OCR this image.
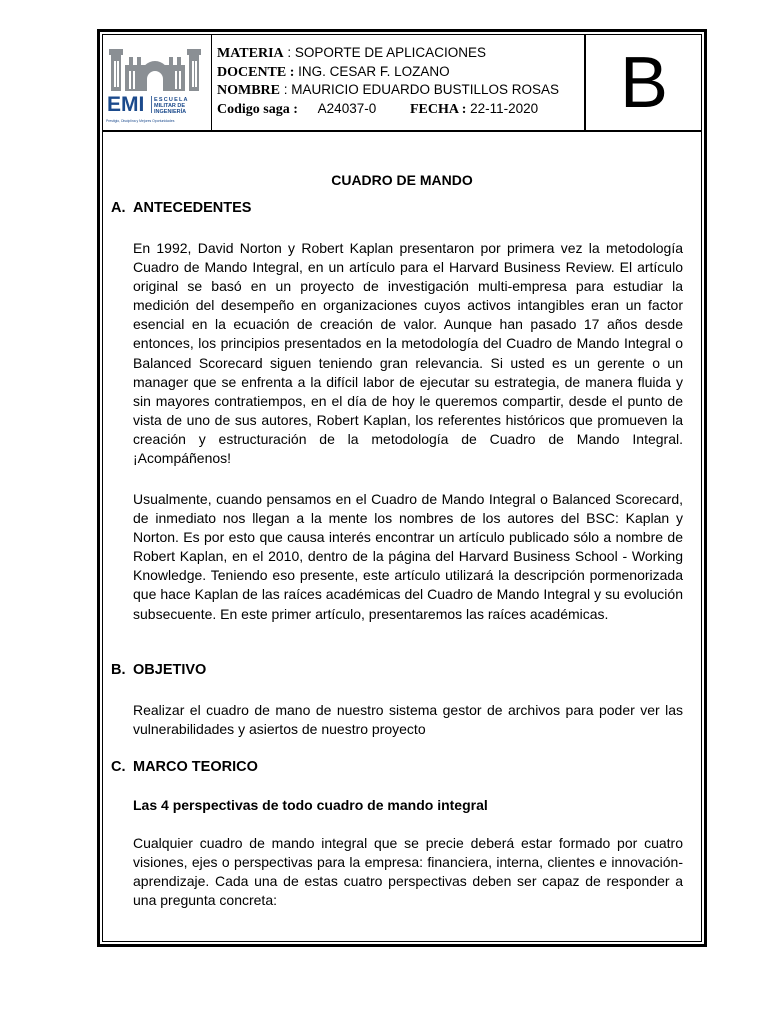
EMI ESCUELA
MILITAR DE
INGENIERÍA
Prestigio, Disciplina y Mejores Oportunidades
MATERIA : SOPORTE DE APLICACIONES
DOCENTE : ING. CESAR F. LOZANO
NOMBRE : MAURICIO EDUARDO BUSTILLOS ROSAS
Codigo saga : A24037-0 FECHA : 22-11-2020	B
CUADRO DE MANDO
A. ANTECEDENTES
En 1992, David Norton y Robert Kaplan presentaron por primera vez la metodología Cuadro de Mando Integral, en un artículo para el Harvard Business Review. El artículo original se basó en un proyecto de investigación multi-empresa para estudiar la medición del desempeño en organizaciones cuyos activos intangibles eran un factor esencial en la ecuación de creación de valor. Aunque han pasado 17 años desde entonces, los principios presentados en la metodología del Cuadro de Mando Integral o Balanced Scorecard siguen teniendo gran relevancia. Si usted es un gerente o un manager que se enfrenta a la difícil labor de ejecutar su estrategia, de manera fluida y sin mayores contratiempos, en el día de hoy le queremos compartir, desde el punto de vista de uno de sus autores, Robert Kaplan, los referentes históricos que promueven la creación y estructuración de la metodología de Cuadro de Mando Integral. ¡Acompáñenos!
Usualmente, cuando pensamos en el Cuadro de Mando Integral o Balanced Scorecard, de inmediato nos llegan a la mente los nombres de los autores del BSC: Kaplan y Norton. Es por esto que causa interés encontrar un artículo publicado sólo a nombre de Robert Kaplan, en el 2010, dentro de la página del Harvard Business School - Working Knowledge. Teniendo eso presente, este artículo utilizará la descripción pormenorizada que hace Kaplan de las raíces académicas del Cuadro de Mando Integral y su evolución subsecuente. En este primer artículo, presentaremos las raíces académicas.
B. OBJETIVO
Realizar el cuadro de mano de nuestro sistema gestor de archivos para poder ver las vulnerabilidades y asiertos de nuestro proyecto
C. MARCO TEORICO
Las 4 perspectivas de todo cuadro de mando integral
Cualquier cuadro de mando integral que se precie deberá estar formado por cuatro visiones, ejes o perspectivas para la empresa: financiera, interna, clientes e innovación-aprendizaje. Cada una de estas cuatro perspectivas deben ser capaz de responder a una pregunta concreta:
